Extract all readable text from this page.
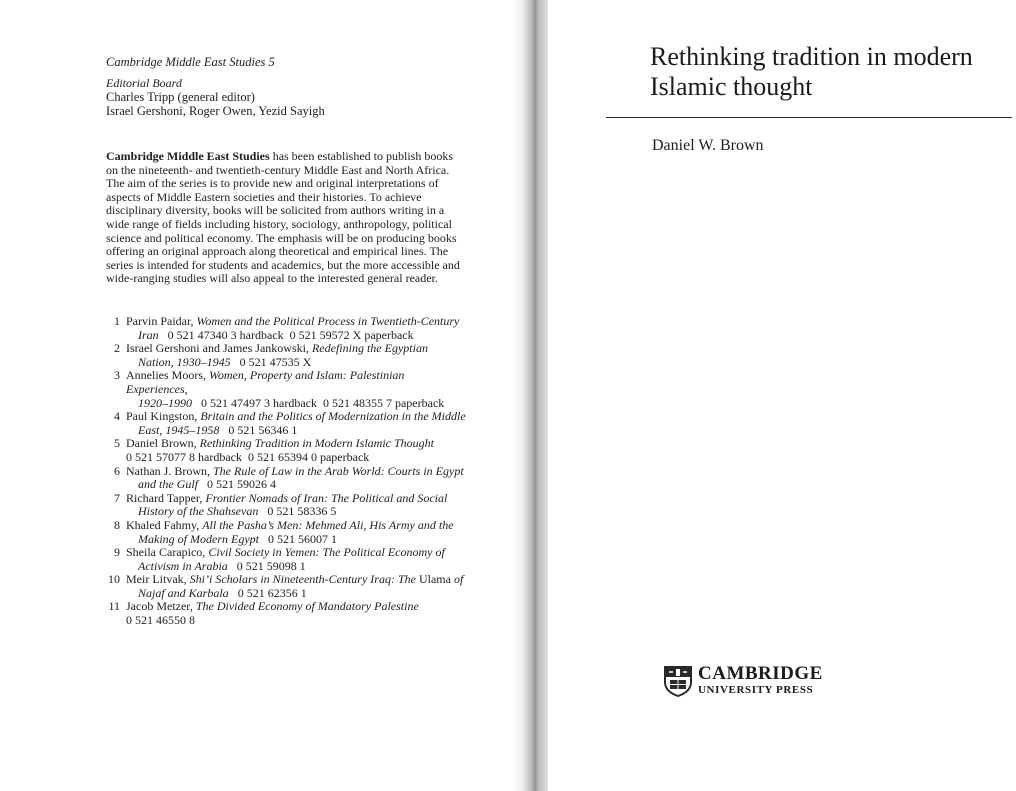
Cambridge Middle East Studies 5
Editorial Board
Charles Tripp (general editor)
Israel Gershoni, Roger Owen, Yezid Sayigh
Cambridge Middle East Studies has been established to publish books on the nineteenth- and twentieth-century Middle East and North Africa. The aim of the series is to provide new and original interpretations of aspects of Middle Eastern societies and their histories. To achieve disciplinary diversity, books will be solicited from authors writing in a wide range of fields including history, sociology, anthropology, political science and political economy. The emphasis will be on producing books offering an original approach along theoretical and empirical lines. The series is intended for students and academics, but the more accessible and wide-ranging studies will also appeal to the interested general reader.
1 Parvin Paidar, Women and the Political Process in Twentieth-Century
Iran   0 521 47340 3 hardback  0 521 59572 X paperback
2 Israel Gershoni and James Jankowski, Redefining the Egyptian
Nation, 1930–1945   0 521 47535 X
3 Annelies Moors, Women, Property and Islam: Palestinian Experiences,
1920–1990   0 521 47497 3 hardback  0 521 48355 7 paperback
4 Paul Kingston, Britain and the Politics of Modernization in the Middle
East, 1945–1958   0 521 56346 1
5 Daniel Brown, Rethinking Tradition in Modern Islamic Thought
0 521 57077 8 hardback  0 521 65394 0 paperback
6 Nathan J. Brown, The Rule of Law in the Arab World: Courts in Egypt
and the Gulf   0 521 59026 4
7 Richard Tapper, Frontier Nomads of Iran: The Political and Social
History of the Shahsevan   0 521 58336 5
8 Khaled Fahmy, All the Pasha’s Men: Mehmed Ali, His Army and the
Making of Modern Egypt   0 521 56007 1
9 Sheila Carapico, Civil Society in Yemen: The Political Economy of
Activism in Arabia   0 521 59098 1
10 Meir Litvak, Shi’i Scholars in Nineteenth-Century Iraq: The Ulama of
Najaf and Karbala   0 521 62356 1
11 Jacob Metzer, The Divided Economy of Mandatory Palestine
0 521 46550 8
Rethinking tradition in modern
Islamic thought
Daniel W. Brown
CAMBRIDGE
UNIVERSITY PRESS
